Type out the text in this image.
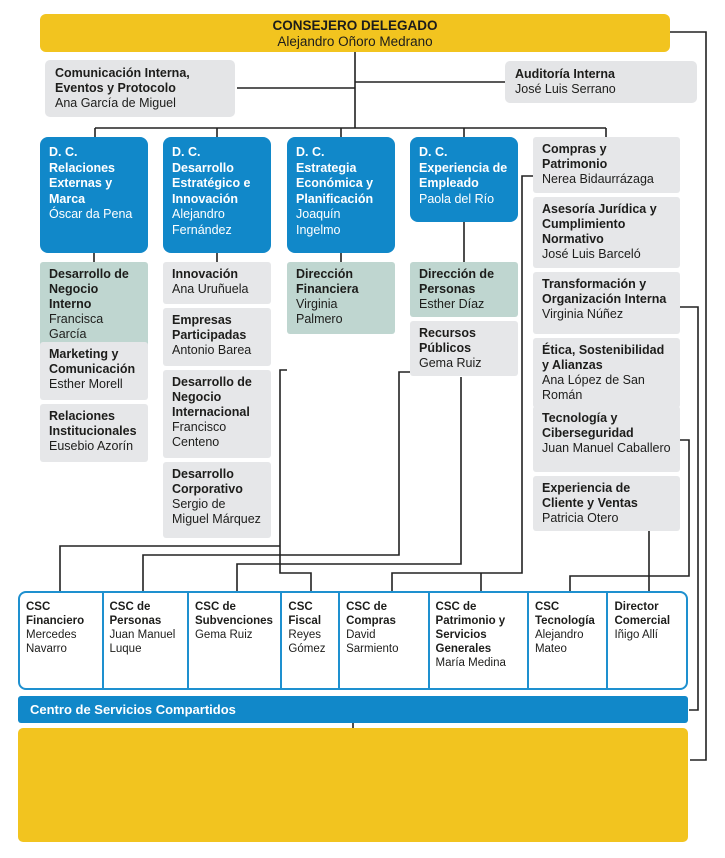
CONSEJERO DELEGADO
Alejandro Oñoro Medrano
Comunicación Interna, Eventos y Protocolo
Ana García de Miguel
Auditoría Interna
José Luis Serrano
D. C. Relaciones Externas y Marca
Óscar da Pena
D. C. Desarrollo Estratégico e Innovación
Alejandro Fernández
D. C. Estrategia Económica y Planificación
Joaquín Ingelmo
D. C. Experiencia de Empleado
Paola del Río
Desarrollo de Negocio Interno
Francisca García
Marketing y Comunicación
Esther Morell
Relaciones Institucionales
Eusebio Azorín
Innovación
Ana Uruñuela
Empresas Participadas
Antonio Barea
Desarrollo de Negocio Internacional
Francisco Centeno
Desarrollo Corporativo
Sergio de Miguel Márquez
Dirección Financiera
Virginia Palmero
Dirección de Personas
Esther Díaz
Recursos Públicos
Gema Ruiz
Compras y Patrimonio
Nerea Bidaurrázaga
Asesoría Jurídica y Cumplimiento Normativo
José Luis Barceló
Transformación y Organización Interna
Virginia Núñez
Ética, Sostenibilidad y Alianzas
Ana López de San Román
Tecnología y Ciberseguridad
Juan Manuel Caballero
Experiencia de Cliente y Ventas
Patricia Otero
CSC Financiero
Mercedes Navarro
CSC de Personas
Juan Manuel Luque
CSC de Subvenciones
Gema Ruiz
CSC Fiscal
Reyes Gómez
CSC de Compras
David Sarmiento
CSC de Patrimonio y Servicios Generales
María Medina
CSC Tecnología
Alejandro Mateo
Director Comercial
Iñigo Allí
Centro de Servicios Compartidos
